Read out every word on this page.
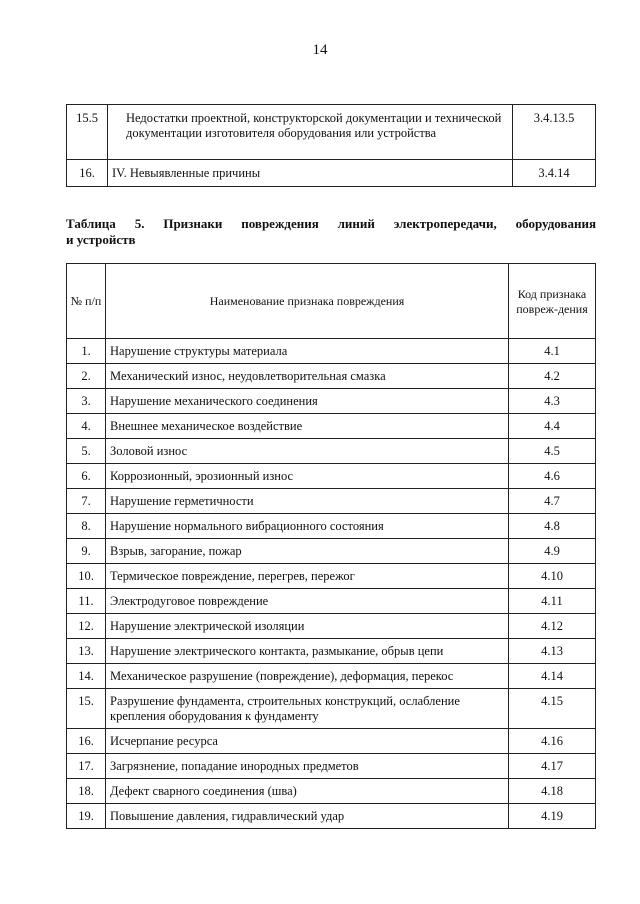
14
15.5	Недостатки проектной, конструкторской документации и технической документации изготовителя оборудования или устройства	3.4.13.5
16.	IV. Невыявленные причины	3.4.14
Таблица 5. Признаки повреждения линий электропередачи, оборудования
и устройств
№ п/п	Наименование признака повреждения	Код признака повреж-дения
1.	Нарушение структуры материала	4.1
2.	Механический износ, неудовлетворительная смазка	4.2
3.	Нарушение механического соединения	4.3
4.	Внешнее механическое воздействие	4.4
5.	Золовой износ	4.5
6.	Коррозионный, эрозионный износ	4.6
7.	Нарушение герметичности	4.7
8.	Нарушение нормального вибрационного состояния	4.8
9.	Взрыв, загорание, пожар	4.9
10.	Термическое повреждение, перегрев, пережог	4.10
11.	Электродуговое повреждение	4.11
12.	Нарушение электрической изоляции	4.12
13.	Нарушение электрического контакта, размыкание, обрыв цепи	4.13
14.	Механическое разрушение (повреждение), деформация, перекос	4.14
15.	Разрушение фундамента, строительных конструкций, ослабление крепления оборудования к фундаменту	4.15
16.	Исчерпание ресурса	4.16
17.	Загрязнение, попадание инородных предметов	4.17
18.	Дефект сварного соединения (шва)	4.18
19.	Повышение давления, гидравлический удар	4.19
